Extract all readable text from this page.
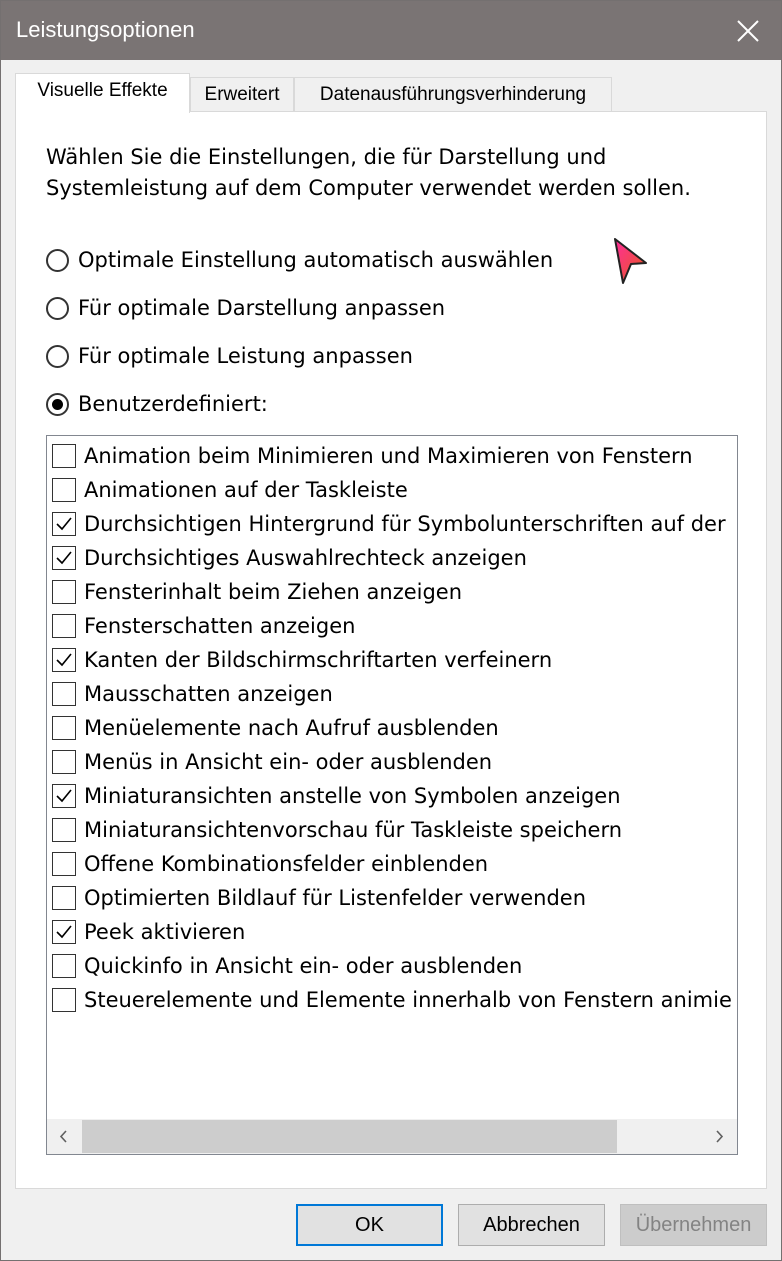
Leistungsoptionen
Visuelle Effekte	Erweitert	Datenausführungsverhinderung
Wählen Sie die Einstellungen, die für Darstellung und Systemleistung auf dem Computer verwendet werden sollen.
Optimale Einstellung automatisch auswählen
Für optimale Darstellung anpassen
Für optimale Leistung anpassen
Benutzerdefiniert:
Animation beim Minimieren und Maximieren von Fenstern
Animationen auf der Taskleiste
Durchsichtigen Hintergrund für Symbolunterschriften auf der
Durchsichtiges Auswahlrechteck anzeigen
Fensterinhalt beim Ziehen anzeigen
Fensterschatten anzeigen
Kanten der Bildschirmschriftarten verfeinern
Mausschatten anzeigen
Menüelemente nach Aufruf ausblenden
Menüs in Ansicht ein- oder ausblenden
Miniaturansichten anstelle von Symbolen anzeigen
Miniaturansichtenvorschau für Taskleiste speichern
Offene Kombinationsfelder einblenden
Optimierten Bildlauf für Listenfelder verwenden
Peek aktivieren
Quickinfo in Ansicht ein- oder ausblenden
Steuerelemente und Elemente innerhalb von Fenstern animie
OK	Abbrechen	Übernehmen
